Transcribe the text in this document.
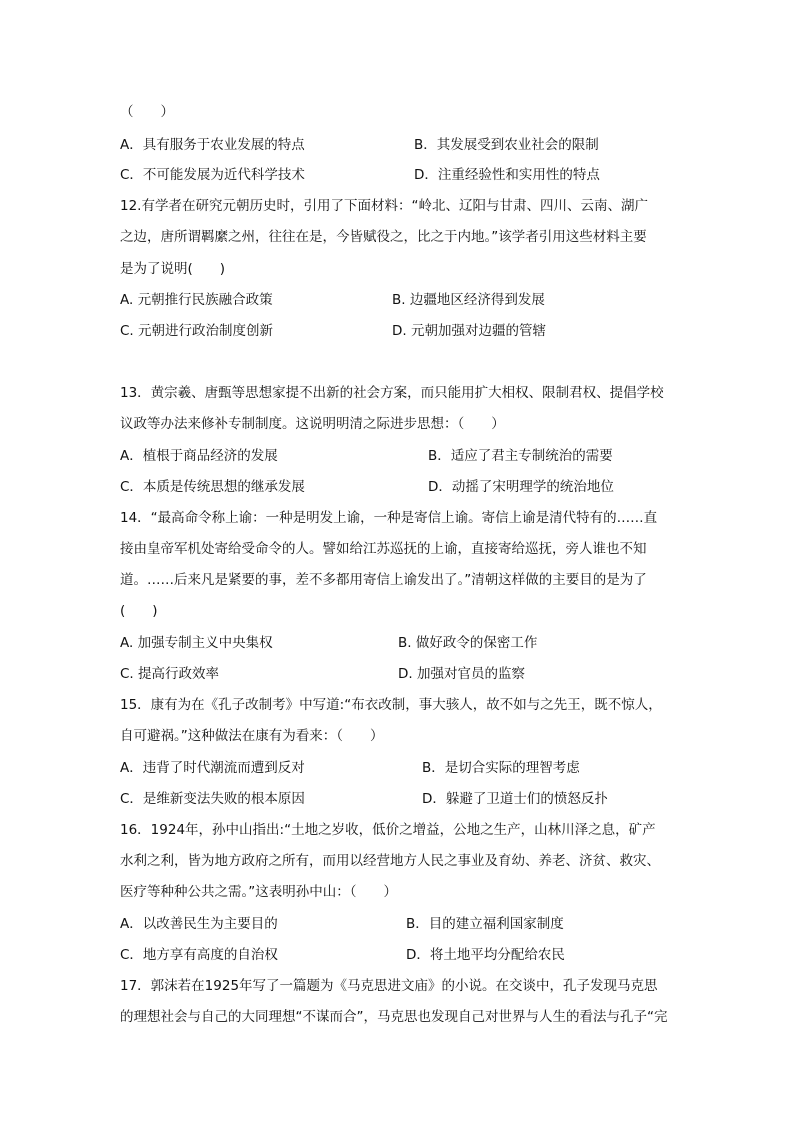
（　　）
A．具有服务于农业发展的特点	B．其发展受到农业社会的限制
C．不可能发展为近代科学技术	D．注重经验性和实用性的特点
12.有学者在研究元朝历史时，引用了下面材料：“岭北、辽阳与甘肃、四川、云南、湖广
之边，唐所谓羁縻之州，往往在是，今皆赋役之，比之于内地。”该学者引用这些材料主要
是为了说明(　　)
A. 元朝推行民族融合政策	B. 边疆地区经济得到发展
C. 元朝进行政治制度创新	D. 元朝加强对边疆的管辖
13．黄宗羲、唐甄等思想家提不出新的社会方案，而只能用扩大相权、限制君权、提倡学校
议政等办法来修补专制制度。这说明明清之际进步思想：（　　）
A．植根于商品经济的发展	B．适应了君主专制统治的需要
C．本质是传统思想的继承发展	D．动摇了宋明理学的统治地位
14．“最高命令称上谕：一种是明发上谕，一种是寄信上谕。寄信上谕是清代特有的……直
接由皇帝军机处寄给受命令的人。譬如给江苏巡抚的上谕，直接寄给巡抚，旁人谁也不知
道。……后来凡是紧要的事，差不多都用寄信上谕发出了。”清朝这样做的主要目的是为了
(　　)
A. 加强专制主义中央集权	B. 做好政令的保密工作
C. 提高行政效率	D. 加强对官员的监察
15．康有为在《孔子改制考》中写道:“布衣改制，事大骇人，故不如与之先王，既不惊人，
自可避祸。”这种做法在康有为看来：（　　）
A．违背了时代潮流而遭到反对	B．是切合实际的理智考虑
C．是维新变法失败的根本原因	D．躲避了卫道士们的愤怒反扑
16．1924年，孙中山指出:“土地之岁收，低价之增益，公地之生产，山林川泽之息，矿产
水利之利，皆为地方政府之所有，而用以经营地方人民之事业及育幼、养老、济贫、救灾、
医疗等种种公共之需。”这表明孙中山：（　　）
A．以改善民生为主要目的	B．目的建立福利国家制度
C．地方享有高度的自治权	D．将土地平均分配给农民
17．郭沫若在1925年写了一篇题为《马克思进文庙》的小说。在交谈中，孔子发现马克思
的理想社会与自己的大同理想“不谋而合”，马克思也发现自己对世界与人生的看法与孔子“完
